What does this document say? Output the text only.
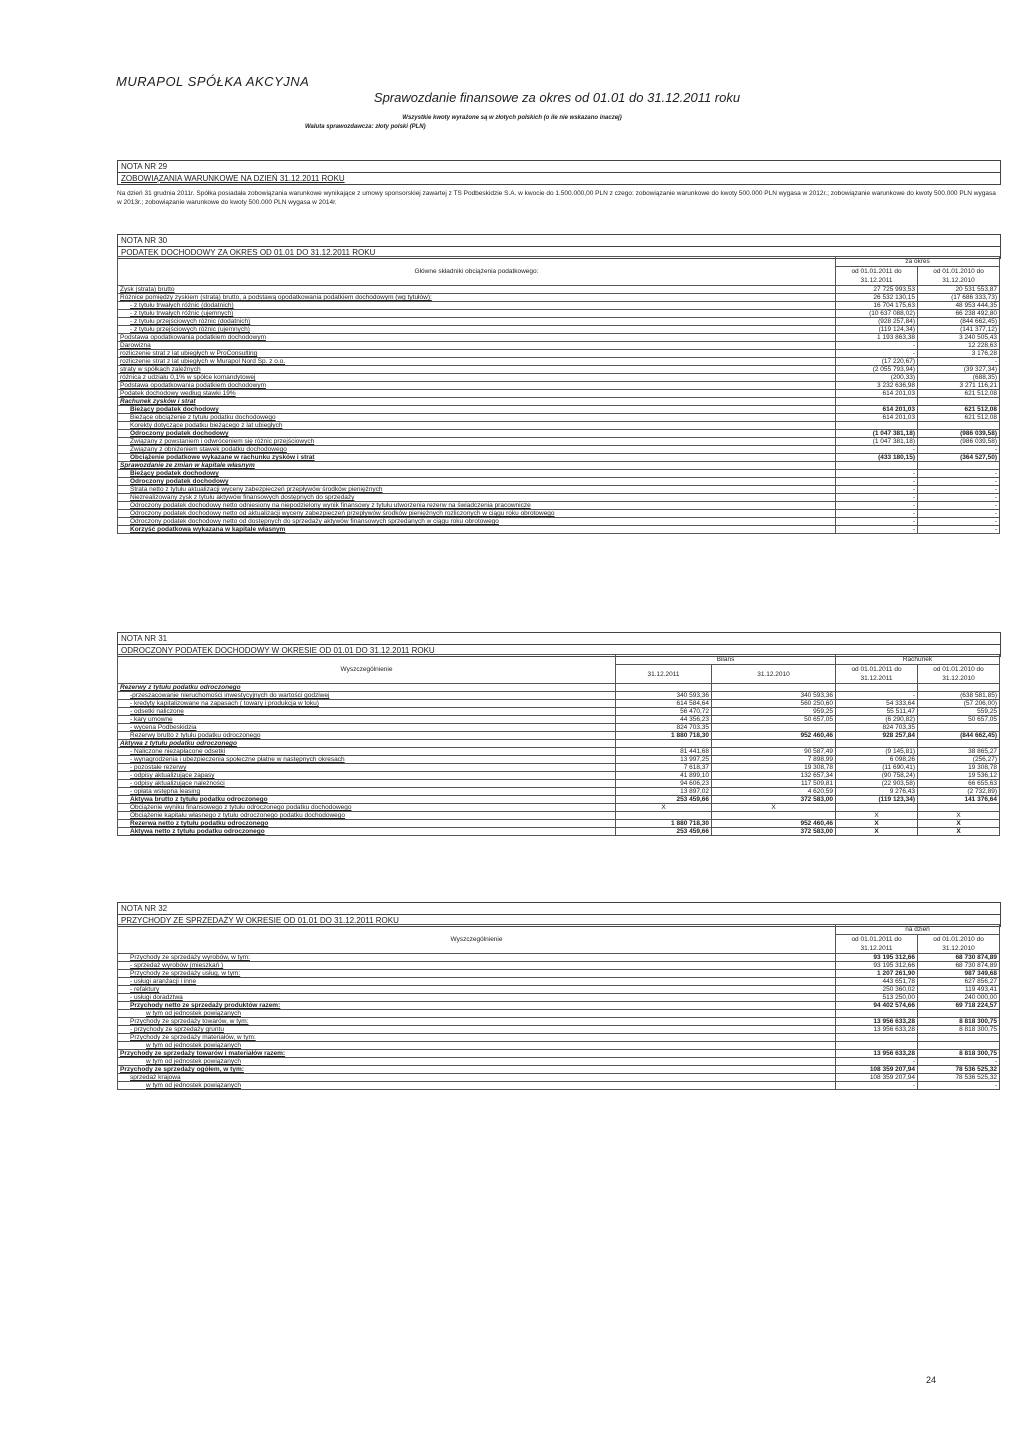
MURAPOL SPÓŁKA AKCYJNA
Sprawozdanie finansowe za okres od 01.01 do 31.12.2011 roku
Wszystkie kwoty wyrażone są w złotych polskich (o ile nie wskazano inaczej)
Waluta sprawozdawcza: złoty polski (PLN)
NOTA NR 29
ZOBOWIĄZANIA WARUNKOWE NA DZIEŃ 31.12.2011 ROKU
Na dzień 31 grudnia 2011r. Spółka posiadała zobowiązania warunkowe wynikające z umowy sponsorskiej zawartej z TS Podbeskidzie S.A. w kwocie do 1.500.000,00 PLN z czego: zobowiązanie warunkowe do kwoty 500.000 PLN wygasa w 2012r.; zobowiązanie warunkowe do kwoty 500.000 PLN wygasa w 2013r.; zobowiązanie warunkowe do kwoty 500.000 PLN wygasa w 2014r.
NOTA NR 30
PODATEK DOCHODOWY ZA OKRES OD 01.01 DO 31.12.2011 ROKU
Główne składniki obciążenia podatkowego:	za okres	
	od 01.01.2011 do 31.12.2011	od 01.01.2010 do 31.12.2010
Zysk (strata) brutto	27 725 993,53	20 531 553,87
Różnice pomiędzy zyskiem (stratą) brutto, a podstawą opodatkowania podatkiem dochodowym (wg tytułów):	26 532 130,15	(17 686 333,73)
- z tytułu trwałych różnic (dodatnich)	16 704 175,63	48 953 444,35
- z tytułu trwałych różnic (ujemnych)	(10 637 088,02)	66 238 492,80
- z tytułu przejściowych różnic (dodatnich)	(928 257,84)	(844 662,45)
- z tytułu przejściowych różnic (ujemnych)	(119 124,34)	(141 377,12)
Podstawa opodatkowania podatkiem dochodowym	1 193 863,38	3 240 505,43
Darowizna	-	12 228,63
rozliczenie strat z lat ubiegłych w ProConsulting	-	3 176,28
rozliczenie strat z lat ubiegłych w Murapol Nord Sp. z o.o.	(17 220,67)	-
straty w spółkach zależnych	(2 055 793,94)	(39 327,34)
różnica z udziału 0,1% w spółce komandytowej	(200,33)	(688,35)
Podstawa opodatkowania podatkiem dochodowym	3 232 636,98	3 271 116,21
Podatek dochodowy według stawki 19%	614 201,03	621 512,08
Rachunek zysków i strat		
Bieżący podatek dochodowy	614 201,03	621 512,08
Bieżące obciążenie z tytułu podatku dochodowego	614 201,03	621 512,08
Korekty dotyczące podatku bieżącego z lat ubiegłych		
Odroczony podatek dochodowy	(1 047 381,18)	(986 039,58)
Związany z powstaniem i odwróceniem się różnic przejściowych	(1 047 381,18)	(986 039,58)
Związany z obniżeniem stawek podatku dochodowego	-	-
Obciążenie podatkowe wykazane w rachunku zysków i strat	(433 180,15)	(364 527,50)
Sprawozdanie ze zmian w kapitale własnym		
Bieżący podatek dochodowy	-	-
Odroczony podatek dochodowy	-	-
Strata netto z tytułu aktualizacji wyceny zabezpieczeń przepływów środków pieniężnych	-	-
Niezrealizowany zysk z tytułu aktywów finansowych dostępnych do sprzedaży	-	-
Odroczony podatek dochodowy netto odniesiony na niepodzielony wynik finansowy z tytułu utworzenia rezerw na świadczenia pracownicze	-	-
Odroczony podatek dochodowy netto od aktualizacji wyceny zabezpieczeń przepływów środków pieniężnych rozliczonych w ciągu roku obrotowego	-	-
Odroczony podatek dochodowy netto od dostępnych do sprzedaży aktywów finansowych sprzedanych w ciągu roku obrotowego	-	-
Korzyść podatkowa wykazana w kapitale własnym	-	-
NOTA NR 31
ODROCZONY PODATEK DOCHODOWY W OKRESIE OD 01.01 DO 31.12.2011 ROKU
Wyszczególnienie	Bilans		Rachunek	
	31.12.2011	31.12.2010	od 01.01.2011 do 31.12.2011	od 01.01.2010 do 31.12.2010
Rezerwy z tytułu podatku odroczonego				
-przeszacowanie nieruchomości inwestycyjnych do wartości godziwej	340 593,36	340 593,36	-	(638 581,85)
- kredyty kapitalizowane na zapasach ( towary i produkcja w toku)	614 584,64	560 250,60	54 333,64	(57 206,00)
- odsetki naliczone	56 470,72	959,25	55 511,47	559,25
- kary umowne	44 356,23	50 657,05	(6 290,82)	50 657,05
- wycena Podbeskidzia	824 703,35		824 703,35	
Rezerwy brutto z tytułu podatku odroczonego	1 880 718,30	952 460,46	928 257,84	(844 662,45)
Aktywa z tytułu podatku odroczonego				
- Naliczone niezapłacone odsetki	81 441,68	90 587,49	(9 145,81)	38 865,27
- wynagrodzenia i ubezpieczenia społeczne płatne w następnych okresach	13 997,25	7 898,99	6 098,26	(256,27)
- pozostałe rezerwy	7 618,37	19 308,78	(11 690,41)	19 308,78
- odpisy aktualizujące zapasy	41 899,10	132 657,34	(90 758,24)	19 536,12
- odpisy aktualizujące należności	94 606,23	117 509,81	(22 903,58)	66 655,63
- opłata wstępna leasing	13 897,02	4 620,59	9 276,43	(2 732,89)
Aktywa brutto z tytułu podatku odroczonego	253 459,66	372 583,00	(119 123,34)	141 376,64
Obciążenie wyniku finansowego z tytułu odroczonego podatku dochodowego	X	X		
Obciążenie kapitału własnego z tytułu odroczonego podatku dochodowego			X	X
Rezerwa netto z tytułu podatku odroczonego	1 880 718,30	952 460,46	X	X
Aktywa netto z tytułu podatku odroczonego	253 459,66	372 583,00	X	X
NOTA NR 32
PRZYCHODY ZE SPRZEDAŻY W OKRESIE OD 01.01 DO 31.12.2011 ROKU
Wyszczególnienie	na dzień	
	od 01.01.2011 do 31.12.2011	od 01.01.2010 do 31.12.2010
Przychody ze sprzedaży wyrobów, w tym:	93 195 312,66	68 730 874,89
- sprzedaż wyrobów (mieszkań )	93 195 312,66	68 730 874,89
Przychody ze sprzedaży usług, w tym:	1 207 261,90	987 349,68
- usługi aranżacji i inne	443 651,78	627 856,27
- refaktury	250 360,02	119 493,41
- usługi doradztwa	513 250,00	240 000,00
Przychody netto ze sprzedaży produktów razem:	94 402 574,66	69 718 224,57
w tym od jednostek powiązanych		
Przychody ze sprzedaży towarów, w tym:	13 956 633,28	8 818 300,75
- przychody ze sprzedaży gruntu	13 956 633,28	8 818 300,75
Przychody ze sprzedaży materiałów, w tym:		
w tym od jednostek powiązanych		
Przychody ze sprzedaży towarów i materiałów razem:	13 956 633,28	8 818 300,75
w tym od jednostek powiązanych	-	-
Przychody ze sprzedaży ogółem, w tym:	108 359 207,94	78 536 525,32
sprzedaż krajowa	108 359 207,94	78 536 525,32
w tym od jednostek powiązanych	-	-
24
